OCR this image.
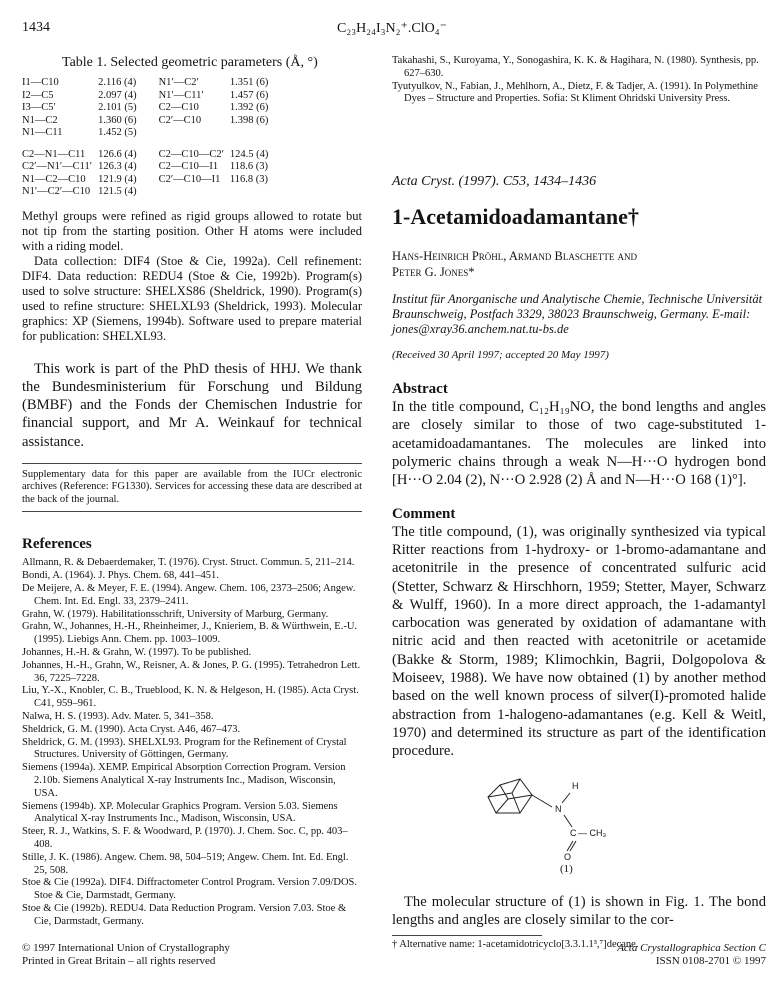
1434	C₂₃H₂₄I₃N₂⁺.ClO₄⁻
Table 1. Selected geometric parameters (Å, °)
I1—C10	2.116 (4)	N1′—C2′	1.351 (6)
I2—C5	2.097 (4)	N1′—C11′	1.457 (6)
I3—C5′	2.101 (5)	C2—C10	1.392 (6)
N1—C2	1.360 (6)	C2′—C10	1.398 (6)
N1—C11	1.452 (5)		

C2—N1—C11	126.6 (4)	C2—C10—C2′	124.5 (4)
C2′—N1′—C11′	126.3 (4)	C2—C10—I1	118.6 (3)
N1—C2—C10	121.9 (4)	C2′—C10—I1	116.8 (3)
N1′—C2′—C10	121.5 (4)		

Methyl groups were refined as rigid groups allowed to rotate but not tip from the starting position. Other H atoms were included with a riding model.

Data collection: DIF4 (Stoe & Cie, 1992a). Cell refinement: DIF4. Data reduction: REDU4 (Stoe & Cie, 1992b). Program(s) used to solve structure: SHELXS86 (Sheldrick, 1990). Program(s) used to refine structure: SHELXL93 (Sheldrick, 1993). Molecular graphics: XP (Siemens, 1994b). Software used to prepare material for publication: SHELXL93.

This work is part of the PhD thesis of HHJ. We thank the Bundesministerium für Forschung und Bildung (BMBF) and the Fonds der Chemischen Industrie for financial support, and Mr A. Weinkauf for technical assistance.

Supplementary data for this paper are available from the IUCr electronic archives (Reference: FG1330). Services for accessing these data are described at the back of the journal.

References
Allmann, R. & Debaerdemaker, T. (1976). Cryst. Struct. Commun. 5, 211–214.
Bondi, A. (1964). J. Phys. Chem. 68, 441–451.
De Meijere, A. & Meyer, F. E. (1994). Angew. Chem. 106, 2373–2506; Angew. Chem. Int. Ed. Engl. 33, 2379–2411.
Grahn, W. (1979). Habilitationsschrift, University of Marburg, Germany.
Grahn, W., Johannes, H.-H., Rheinheimer, J., Knieriem, B. & Würthwein, E.-U. (1995). Liebigs Ann. Chem. pp. 1003–1009.
Johannes, H.-H. & Grahn, W. (1997). To be published.
Johannes, H.-H., Grahn, W., Reisner, A. & Jones, P. G. (1995). Tetrahedron Lett. 36, 7225–7228.
Liu, Y.-X., Knobler, C. B., Trueblood, K. N. & Helgeson, H. (1985). Acta Cryst. C41, 959–961.
Nalwa, H. S. (1993). Adv. Mater. 5, 341–358.
Sheldrick, G. M. (1990). Acta Cryst. A46, 467–473.
Sheldrick, G. M. (1993). SHELXL93. Program for the Refinement of Crystal Structures. University of Göttingen, Germany.
Siemens (1994a). XEMP. Empirical Absorption Correction Program. Version 2.10b. Siemens Analytical X-ray Instruments Inc., Madison, Wisconsin, USA.
Siemens (1994b). XP. Molecular Graphics Program. Version 5.03. Siemens Analytical X-ray Instruments Inc., Madison, Wisconsin, USA.
Steer, R. J., Watkins, S. F. & Woodward, P. (1970). J. Chem. Soc. C, pp. 403–408.
Stille, J. K. (1986). Angew. Chem. 98, 504–519; Angew. Chem. Int. Ed. Engl. 25, 508.
Stoe & Cie (1992a). DIF4. Diffractometer Control Program. Version 7.09/DOS. Stoe & Cie, Darmstadt, Germany.
Stoe & Cie (1992b). REDU4. Data Reduction Program. Version 7.03. Stoe & Cie, Darmstadt, Germany.
© 1997 International Union of Crystallography
Printed in Great Britain – all rights reserved
Takahashi, S., Kuroyama, Y., Sonogashira, K. K. & Hagihara, N. (1980). Synthesis, pp. 627–630.
Tyutyulkov, N., Fabian, J., Mehlhorn, A., Dietz, F. & Tadjer, A. (1991). In Polymethine Dyes – Structure and Properties. Sofia: St Kliment Ohridski University Press.
Acta Cryst. (1997). C53, 1434–1436
1-Acetamidoadamantane†
Hans-Heinrich Pröhl, Armand Blaschette and
Peter G. Jones*

Institut für Anorganische und Analytische Chemie, Technische Universität Braunschweig, Postfach 3329, 38023 Braunschweig, Germany. E-mail: jones@xray36.anchem.nat.tu-bs.de

(Received 30 April 1997; accepted 20 May 1997)
Abstract

In the title compound, C₁₂H₁₉NO, the bond lengths and angles are closely similar to those of two cage-substituted 1-acetamidoadamantanes. The molecules are linked into polymeric chains through a weak N—H···O hydrogen bond [H···O 2.04 (2), N···O 2.928 (2) Å and N—H···O 168 (1)°].

Comment

The title compound, (1), was originally synthesized via typical Ritter reactions from 1-hydroxy- or 1-bromo-adamantane and acetonitrile in the presence of concentrated sulfuric acid (Stetter, Schwarz & Hirschhorn, 1959; Stetter, Mayer, Schwarz & Wulff, 1960). In a more direct approach, the 1-adamantyl carbocation was generated by oxidation of adamantane with nitric acid and then reacted with acetonitrile or acetamide (Bakke & Storm, 1989; Klimochkin, Bagrii, Dolgopolova & Moiseev, 1988). We have now obtained (1) by another method based on the well known process of silver(I)-promoted halide abstraction from 1-halogeno-adamantanes (e.g. Kell & Weitl, 1970) and determined its structure as part of the identification procedure.

H
N
C — CH₃
O
(1)

The molecular structure of (1) is shown in Fig. 1. The bond lengths and angles are closely similar to the cor-

† Alternative name: 1-acetamidotricyclo[3.3.1.1³,⁷]decane.
Acta Crystallographica Section C
ISSN 0108-2701 © 1997
